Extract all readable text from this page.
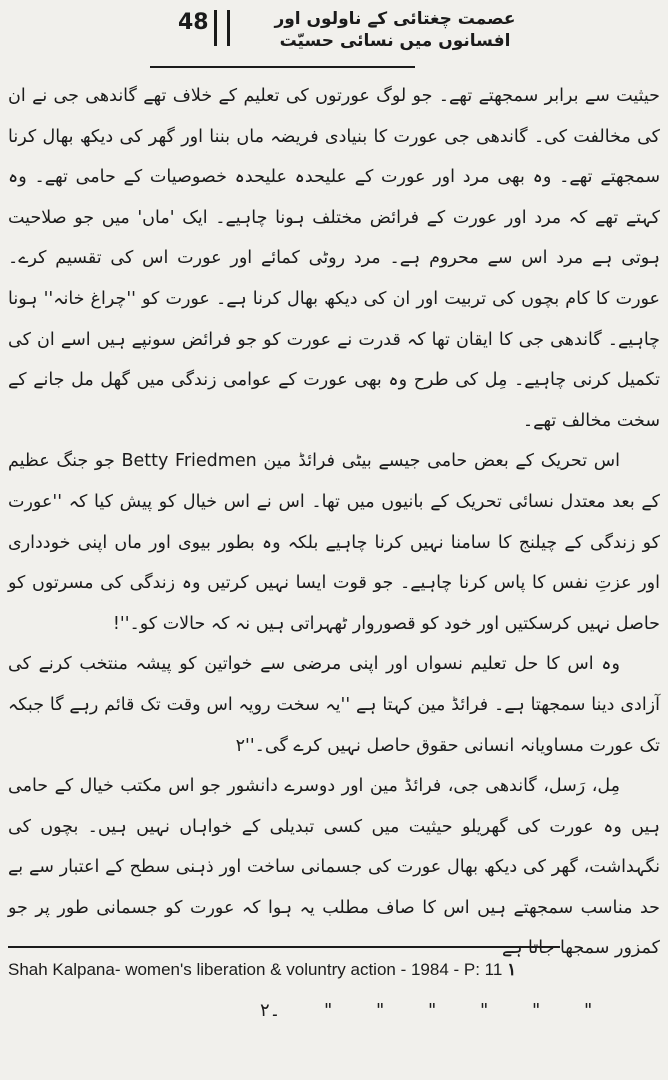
48	عصمت چغتائی کے ناولوں اور
افسانوں میں نسائی حسیّت

حیثیت سے برابر سمجھتے تھے۔ جو لوگ عورتوں کی تعلیم کے خلاف تھے گاندھی جی نے ان کی مخالفت کی۔ گاندھی جی عورت کا بنیادی فریضہ ماں بننا اور گھر کی دیکھ بھال کرنا سمجھتے تھے۔ وہ بھی مرد اور عورت کے علیحدہ علیحدہ خصوصیات کے حامی تھے۔ وہ کہتے تھے کہ مرد اور عورت کے فرائض مختلف ہونا چاہیے۔ ایک 'ماں' میں جو صلاحیت ہوتی ہے مرد اس سے محروم ہے۔ مرد روٹی کمائے اور عورت اس کی تقسیم کرے۔ عورت کا کام بچوں کی تربیت اور ان کی دیکھ بھال کرنا ہے۔ عورت کو ''چراغ خانہ'' ہونا چاہیے۔ گاندھی جی کا ایقان تھا کہ قدرت نے عورت کو جو فرائض سونپے ہیں اسے ان کی تکمیل کرنی چاہیے۔ مِل کی طرح وہ بھی عورت کے عوامی زندگی میں گھل مل جانے کے سخت مخالف تھے۔

اس تحریک کے بعض حامی جیسے بیٹی فرائڈ مین Betty Friedmen جو جنگ عظیم کے بعد معتدل نسائی تحریک کے بانیوں میں تھا۔ اس نے اس خیال کو پیش کیا کہ ''عورت کو زندگی کے چیلنج کا سامنا نہیں کرنا چاہیے بلکہ وہ بطور بیوی اور ماں اپنی خودداری اور عزتِ نفس کا پاس کرنا چاہیے۔ جو قوت ایسا نہیں کرتیں وہ زندگی کی مسرتوں کو حاصل نہیں کرسکتیں اور خود کو قصوروار ٹھہراتی ہیں نہ کہ حالات کو۔''!

وہ اس کا حل تعلیم نسواں اور اپنی مرضی سے خواتین کو پیشہ منتخب کرنے کی آزادی دینا سمجھتا ہے۔ فرائڈ مین کہتا ہے ''یہ سخت رویہ اس وقت تک قائم رہے گا جبکہ تک عورت مساویانہ انسانی حقوق حاصل نہیں کرے گی۔''۲

مِل، رَسل، گاندھی جی، فرائڈ مین اور دوسرے دانشور جو اس مکتب خیال کے حامی ہیں وہ عورت کی گھریلو حیثیت میں کسی تبدیلی کے خواہاں نہیں ہیں۔ بچوں کی نگہداشت، گھر کی دیکھ بھال عورت کی جسمانی ساخت اور ذہنی سطح کے اعتبار سے بے حد مناسب سمجھتے ہیں اس کا صاف مطلب یہ ہوا کہ عورت کو جسمانی طور پر جو کمزور سمجھا جاتا ہے

Shah Kalpana- women's liberation & voluntry action - 1984 - P: 11 ۱
۲۔ " " " " " "
